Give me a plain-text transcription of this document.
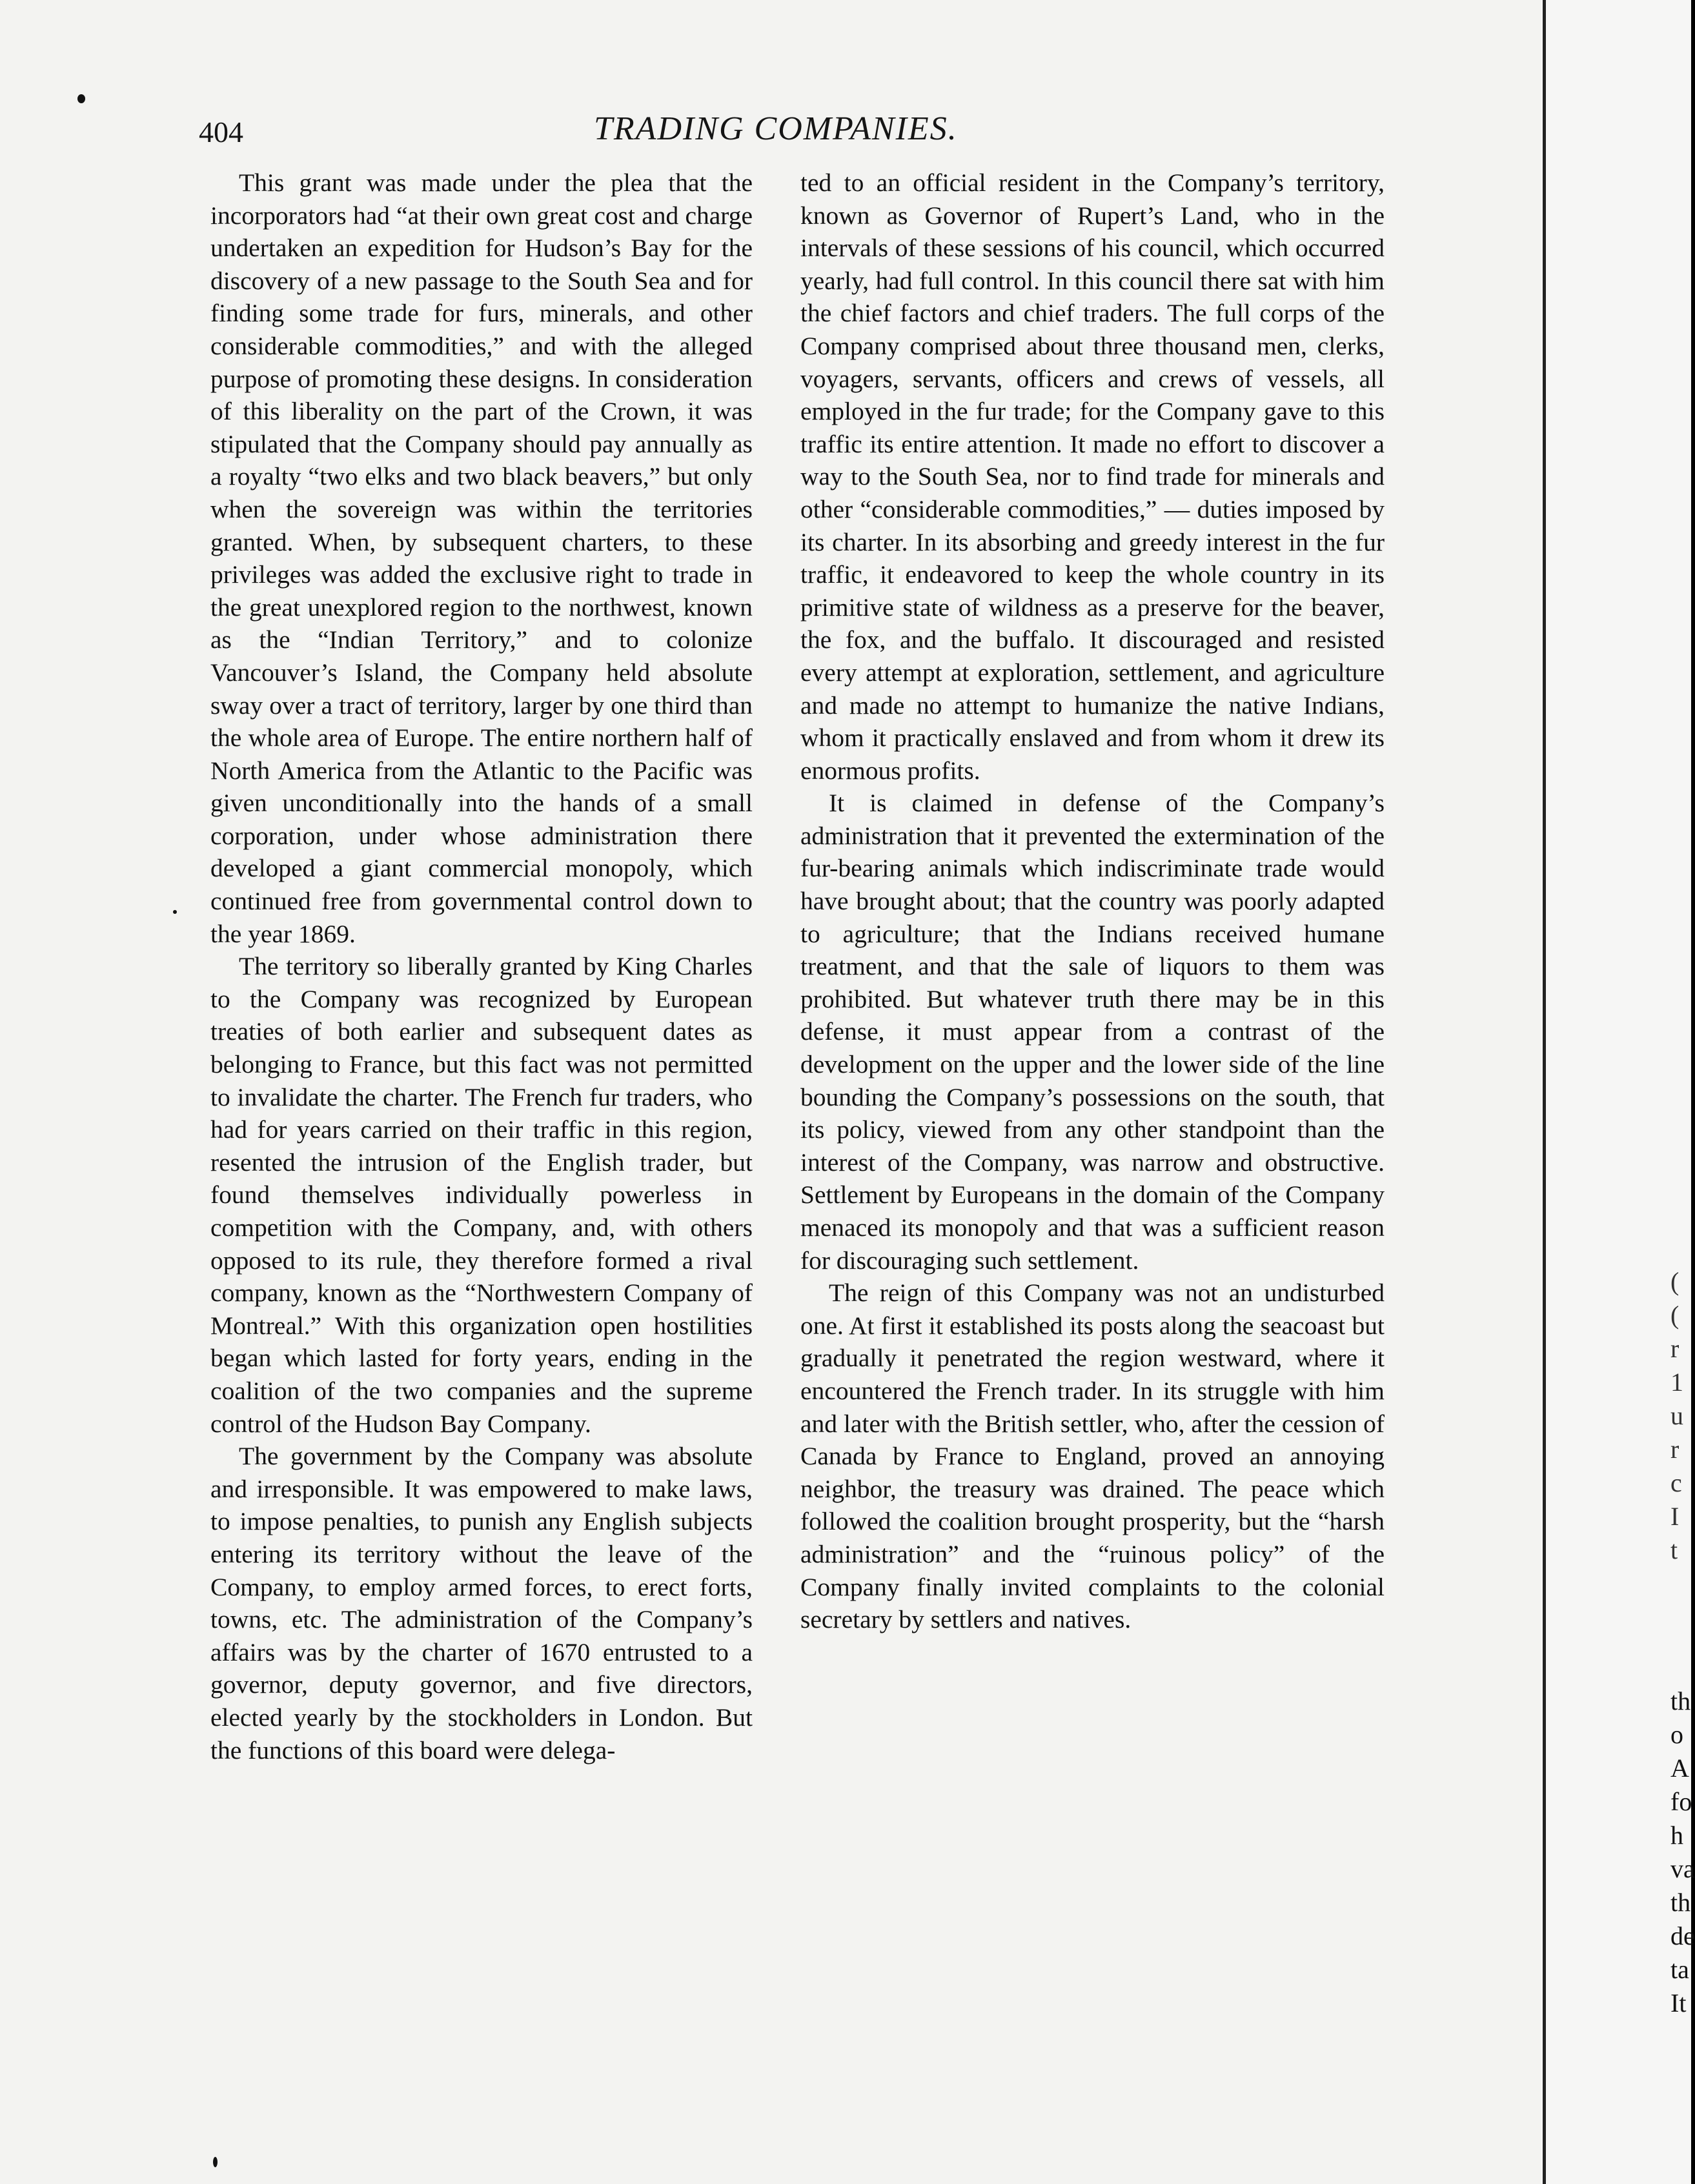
404	TRADING COMPANIES.

This grant was made under the plea that the incorporators had “at their own great cost and charge undertaken an expedition for Hudson’s Bay for the discovery of a new passage to the South Sea and for finding some trade for furs, minerals, and other considerable commodities,” and with the alleged purpose of promoting these designs. In consideration of this liberality on the part of the Crown, it was stipulated that the Company should pay annually as a royalty “two elks and two black beavers,” but only when the sovereign was within the territories granted. When, by subsequent charters, to these privileges was added the exclusive right to trade in the great unexplored region to the northwest, known as the “Indian Territory,” and to colonize Vancouver’s Island, the Company held absolute sway over a tract of territory, larger by one third than the whole area of Europe. The entire northern half of North America from the Atlantic to the Pacific was given unconditionally into the hands of a small corporation, under whose administration there developed a giant commercial monopoly, which continued free from governmental control down to the year 1869.

The territory so liberally granted by King Charles to the Company was recognized by European treaties of both earlier and subsequent dates as belonging to France, but this fact was not permitted to invalidate the charter. The French fur traders, who had for years carried on their traffic in this region, resented the intrusion of the English trader, but found themselves individually powerless in competition with the Company, and, with others opposed to its rule, they therefore formed a rival company, known as the “Northwestern Company of Montreal.” With this organization open hostilities began which lasted for forty years, ending in the coalition of the two companies and the supreme control of the Hudson Bay Company.

The government by the Company was absolute and irresponsible. It was empowered to make laws, to impose penalties, to punish any English subjects entering its territory without the leave of the Company, to employ armed forces, to erect forts, towns, etc. The administration of the Company’s affairs was by the charter of 1670 entrusted to a governor, deputy governor, and five directors, elected yearly by the stockholders in London. But the functions of this board were delega-

ted to an official resident in the Company’s territory, known as Governor of Rupert’s Land, who in the intervals of these sessions of his council, which occurred yearly, had full control. In this council there sat with him the chief factors and chief traders. The full corps of the Company comprised about three thousand men, clerks, voyagers, servants, officers and crews of vessels, all employed in the fur trade; for the Company gave to this traffic its entire attention. It made no effort to discover a way to the South Sea, nor to find trade for minerals and other “considerable commodities,” — duties imposed by its charter. In its absorbing and greedy interest in the fur traffic, it endeavored to keep the whole country in its primitive state of wildness as a preserve for the beaver, the fox, and the buffalo. It discouraged and resisted every attempt at exploration, settlement, and agriculture and made no attempt to humanize the native Indians, whom it practically enslaved and from whom it drew its enormous profits.

It is claimed in defense of the Company’s administration that it prevented the extermination of the fur-bearing animals which indiscriminate trade would have brought about; that the country was poorly adapted to agriculture; that the Indians received humane treatment, and that the sale of liquors to them was prohibited. But whatever truth there may be in this defense, it must appear from a contrast of the development on the upper and the lower side of the line bounding the Company’s possessions on the south, that its policy, viewed from any other standpoint than the interest of the Company, was narrow and obstructive. Settlement by Europeans in the domain of the Company menaced its monopoly and that was a sufficient reason for discouraging such settlement.

The reign of this Company was not an undisturbed one. At first it established its posts along the seacoast but gradually it penetrated the region westward, where it encountered the French trader. In its struggle with him and later with the British settler, who, after the cession of Canada by France to England, proved an annoying neighbor, the treasury was drained. The peace which followed the coalition brought prosperity, but the “harsh administration” and the “ruinous policy” of the Company finally invited complaints to the colonial secretary by settlers and natives.

(
(
r
1
u
r
c
I
t
th
o
A
fo
h
va
th
de
ta
It
